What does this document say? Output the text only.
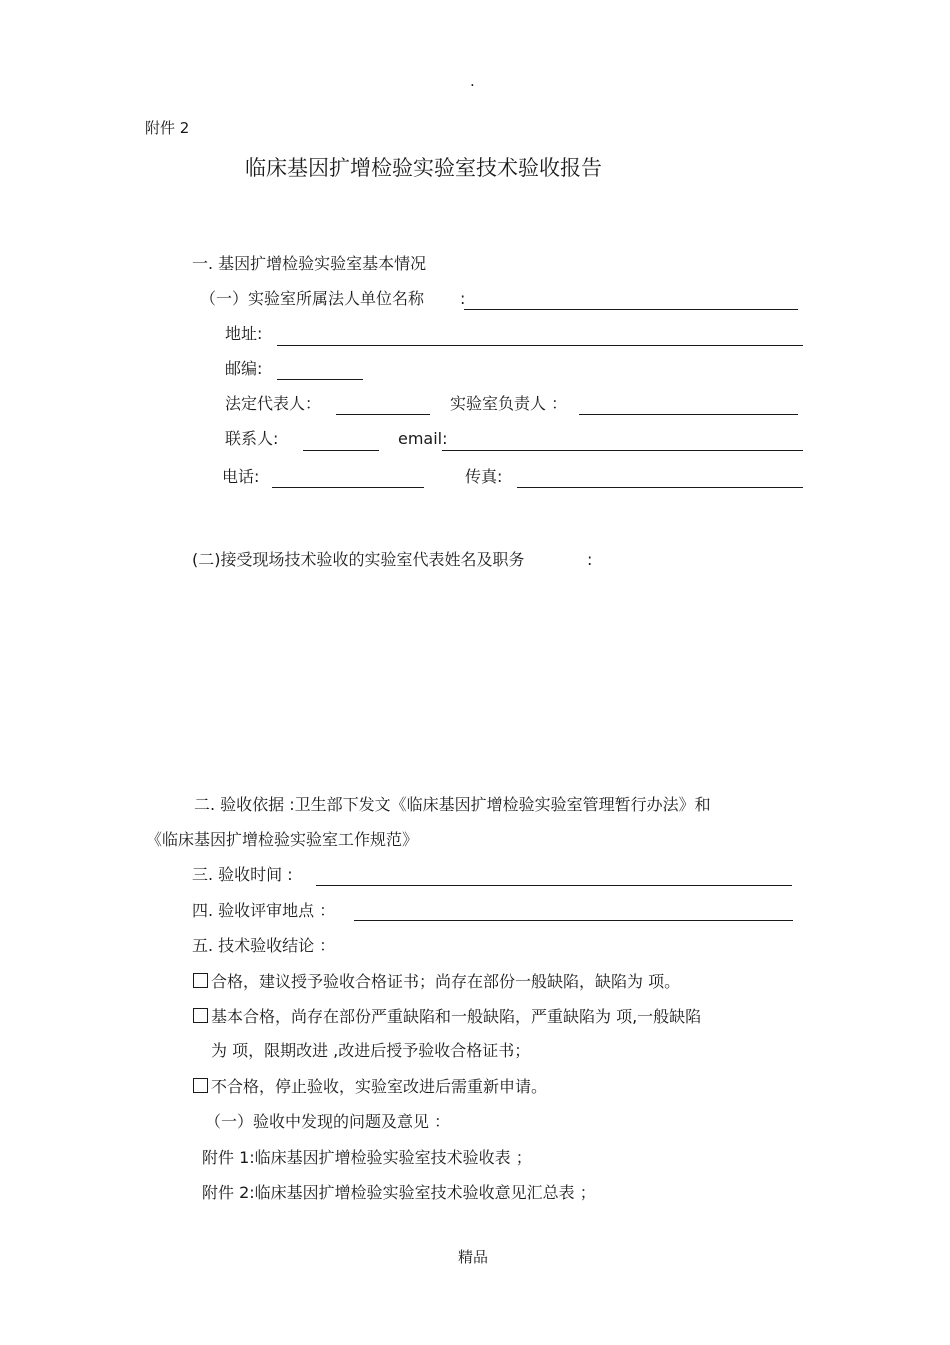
.
附件 2
临床基因扩增检验实验室技术验收报告
一. 基因扩增检验实验室基本情况
（一）实验室所属法人单位名称 :
地址:
邮编:
法定代表人：	实验室负责人 ：
联系人:	email:
电话:	传真:
(二)接受现场技术验收的实验室代表姓名及职务	:
二. 验收依据 :卫生部下发文《临床基因扩增检验实验室管理暂行办法》和
《临床基因扩增检验实验室工作规范》
三. 验收时间 :
四. 验收评审地点 ：
五. 技术验收结论 ：
合格，建议授予验收合格证书；尚存在部份一般缺陷，缺陷为 项。
基本合格，尚存在部份严重缺陷和一般缺陷，严重缺陷为 项,一般缺陷
为 项，限期改进 ,改进后授予验收合格证书；
不合格，停止验收，实验室改进后需重新申请。
（一）验收中发现的问题及意见 ：
附件 1:临床基因扩增检验实验室技术验收表 ；
附件 2:临床基因扩增检验实验室技术验收意见汇总表 ；
精品
